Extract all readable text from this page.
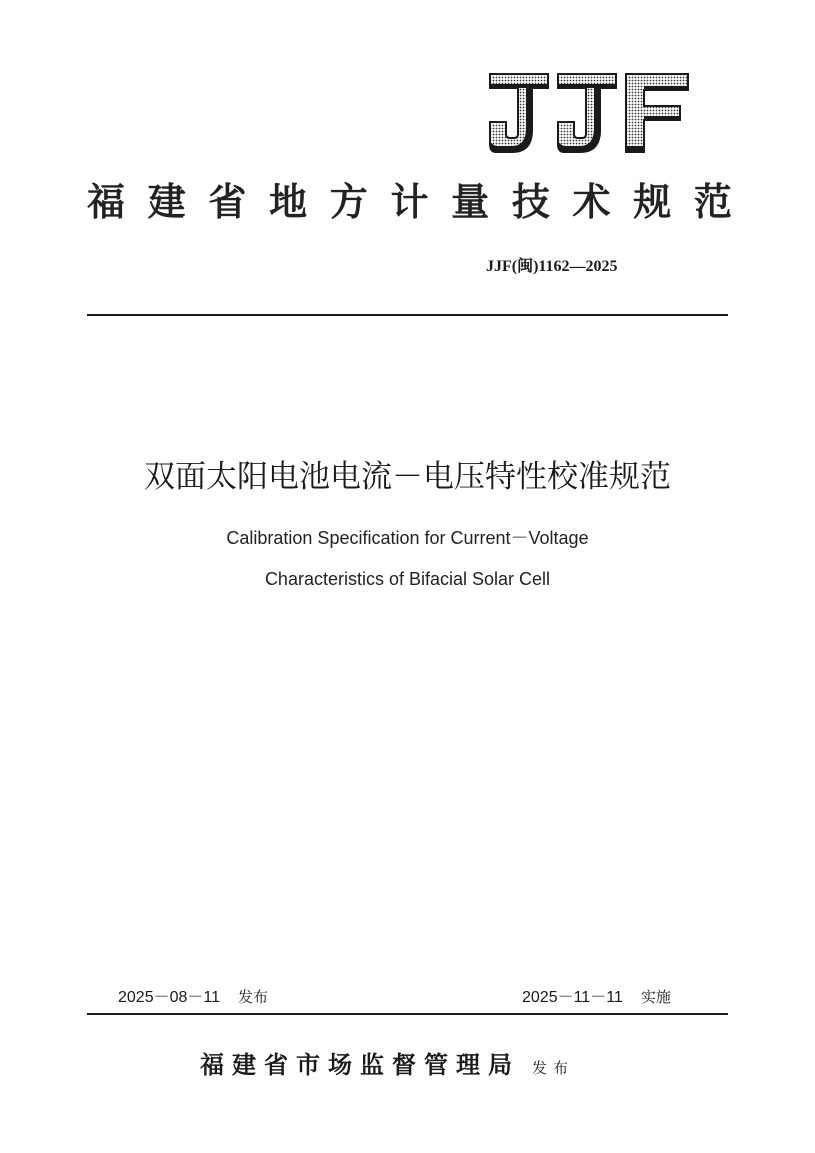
福 建 省 地 方 计 量 技 术 规 范
JJF(闽)1162—2025
双面太阳电池电流－电压特性校准规范
Calibration Specification for Current－Voltage
Characteristics of Bifacial Solar Cell
2025－08－11 发布	2025－11－11 实施
福建省市场监督管理局 发布
